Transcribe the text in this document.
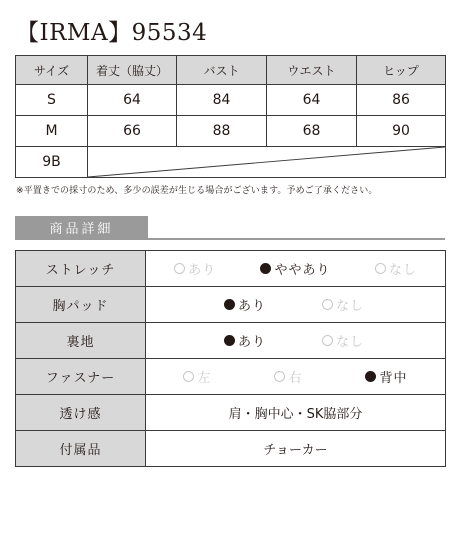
【IRMA】95534
サイズ	着丈（脇丈）	バスト	ウエスト	ヒップ
S	64	84	64	86
M	66	88	68	90
9B	
※平置きでの採寸のため、多少の誤差が生じる場合がございます。予めご了承ください。
商品詳細
ストレッチ	あり ややあり なし

胸パッド	あり なし

裏地	あり なし

ファスナー	左 右 背中

透け感	肩・胸中心・SK脇部分
付属品	チョーカー
